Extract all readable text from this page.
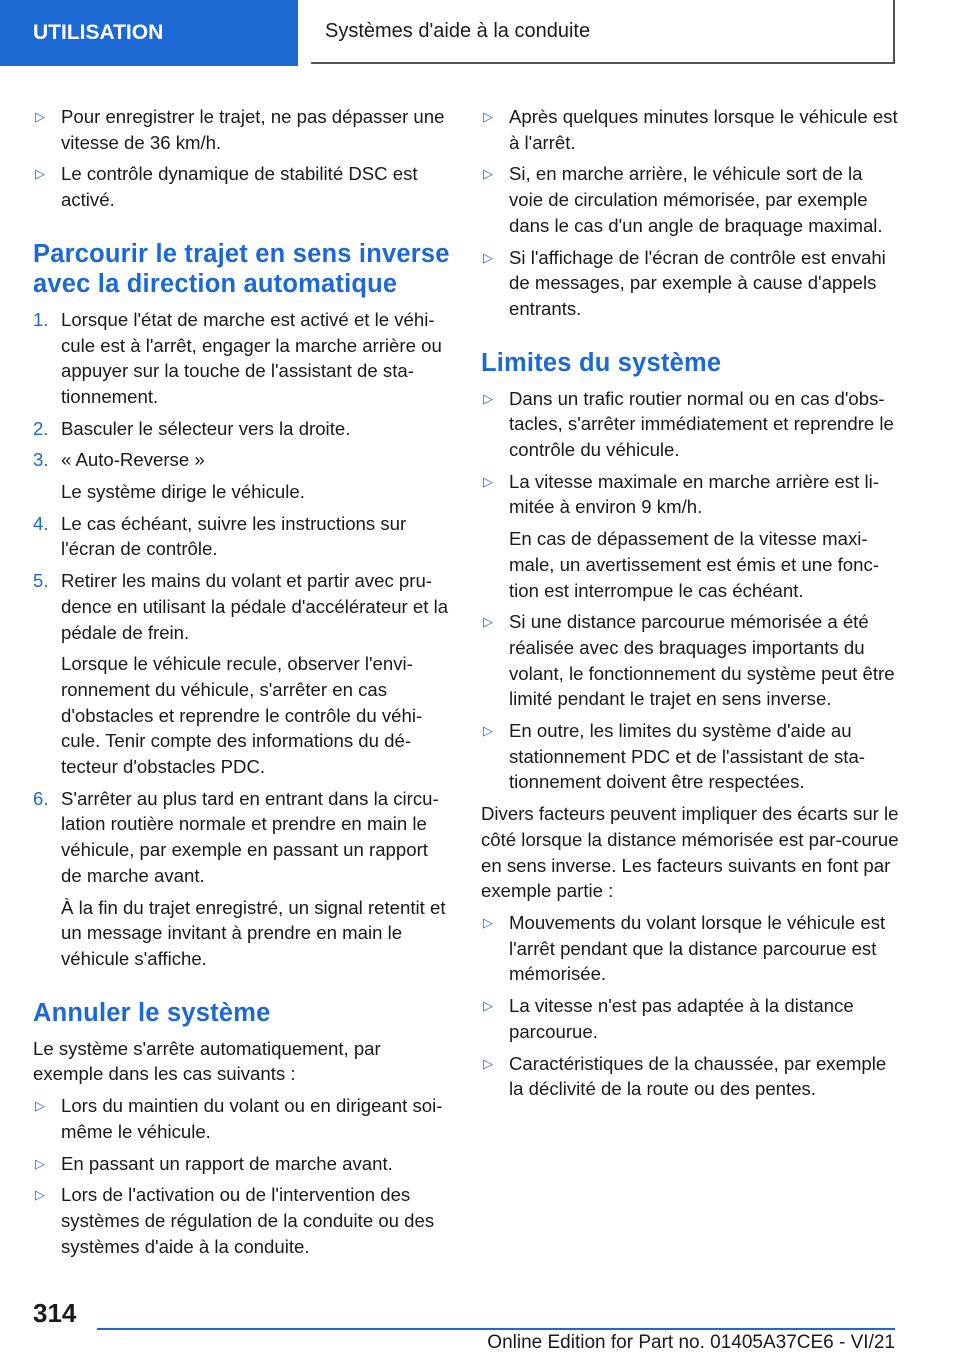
UTILISATION	Systèmes d'aide à la conduite
▷ Pour enregistrer le trajet, ne pas dépasser une vitesse de 36 km/h.
▷ Le contrôle dynamique de stabilité DSC est activé.
Parcourir le trajet en sens inverse avec la direction automatique
1. Lorsque l'état de marche est activé et le véhi‐cule est à l'arrêt, engager la marche arrière ou appuyer sur la touche de l'assistant de sta‐tionnement.
2. Basculer le sélecteur vers la droite.
3. « Auto-Reverse »
Le système dirige le véhicule.
4. Le cas échéant, suivre les instructions sur l'écran de contrôle.
5. Retirer les mains du volant et partir avec pru‐dence en utilisant la pédale d'accélérateur et la pédale de frein.
Lorsque le véhicule recule, observer l'envi‐ronnement du véhicule, s'arrêter en cas d'obstacles et reprendre le contrôle du véhi‐cule. Tenir compte des informations du dé‐tecteur d'obstacles PDC.
6. S'arrêter au plus tard en entrant dans la circu‐lation routière normale et prendre en main le véhicule, par exemple en passant un rapport de marche avant.
À la fin du trajet enregistré, un signal retentit et un message invitant à prendre en main le véhicule s'affiche.
Annuler le système
Le système s'arrête automatiquement, par exemple dans les cas suivants :
▷ Lors du maintien du volant ou en dirigeant soi-même le véhicule.
▷ En passant un rapport de marche avant.
▷ Lors de l'activation ou de l'intervention des systèmes de régulation de la conduite ou des systèmes d'aide à la conduite.
▷ Après quelques minutes lorsque le véhicule est à l'arrêt.
▷ Si, en marche arrière, le véhicule sort de la voie de circulation mémorisée, par exemple dans le cas d'un angle de braquage maximal.
▷ Si l'affichage de l'écran de contrôle est envahi de messages, par exemple à cause d'appels entrants.
Limites du système
▷ Dans un trafic routier normal ou en cas d'obs‐tacles, s'arrêter immédiatement et reprendre le contrôle du véhicule.
▷ La vitesse maximale en marche arrière est li‐mitée à environ 9 km/h.
En cas de dépassement de la vitesse maxi‐male, un avertissement est émis et une fonc‐tion est interrompue le cas échéant.
▷ Si une distance parcourue mémorisée a été réalisée avec des braquages importants du volant, le fonctionnement du système peut être limité pendant le trajet en sens inverse.
▷ En outre, les limites du système d'aide au stationnement PDC et de l'assistant de sta‐tionnement doivent être respectées.
Divers facteurs peuvent impliquer des écarts sur le côté lorsque la distance mémorisée est par‐courue en sens inverse. Les facteurs suivants en font par exemple partie :
▷ Mouvements du volant lorsque le véhicule est l'arrêt pendant que la distance parcourue est mémorisée.
▷ La vitesse n'est pas adaptée à la distance parcourue.
▷ Caractéristiques de la chaussée, par exemple la déclivité de la route ou des pentes.
314
Online Edition for Part no. 01405A37CE6 - VI/21
